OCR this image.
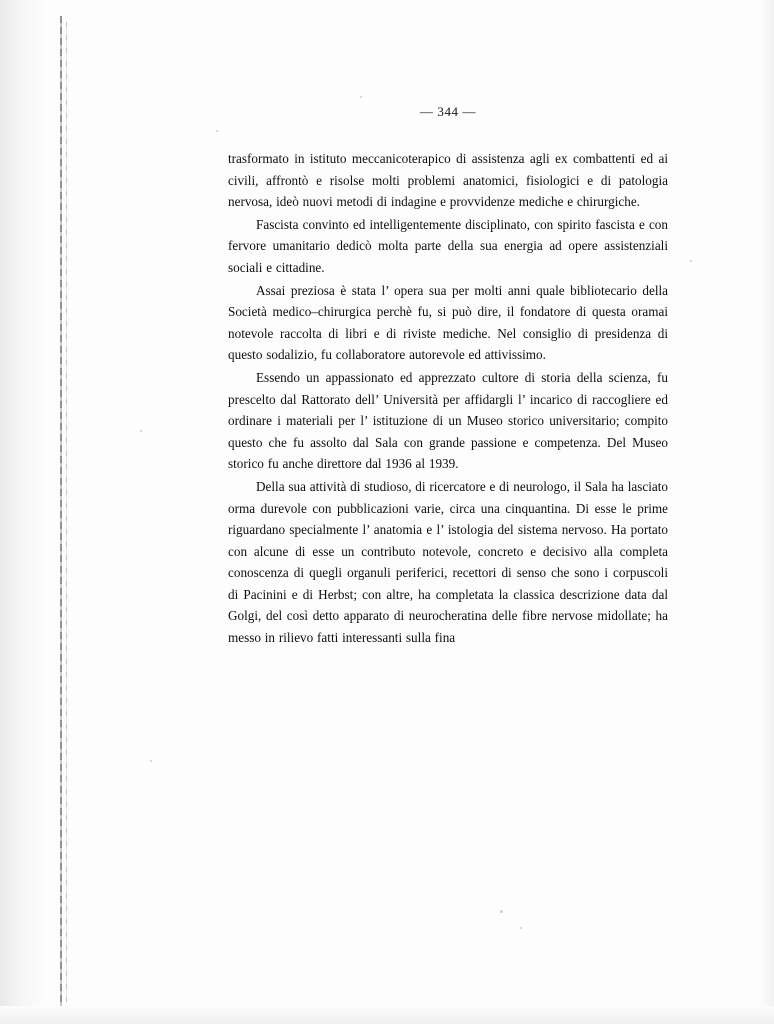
— 344 —

trasformato in istituto meccanicoterapico di assistenza agli ex combattenti ed ai civili, affrontò e risolse molti problemi anatomici, fisiologici e di patologia nervosa, ideò nuovi metodi di indagine e provvidenze mediche e chirurgiche.

Fascista convinto ed intelligentemente disciplinato, con spirito fascista e con fervore umanitario dedicò molta parte della sua energia ad opere assistenziali sociali e cittadine.

Assai preziosa è stata l’ opera sua per molti anni quale bibliotecario della Società medico–chirurgica perchè fu, si può dire, il fondatore di questa oramai notevole raccolta di libri e di riviste mediche. Nel consiglio di presidenza di questo sodalizio, fu collaboratore autorevole ed attivissimo.

Essendo un appassionato ed apprezzato cultore di storia della scienza, fu prescelto dal Rattorato dell’ Università per affidargli l’ incarico di raccogliere ed ordinare i materiali per l’ istituzione di un Museo storico universitario; compito questo che fu assolto dal Sala con grande passione e competenza. Del Museo storico fu anche direttore dal 1936 al 1939.

Della sua attività di studioso, di ricercatore e di neurologo, il Sala ha lasciato orma durevole con pubblicazioni varie, circa una cinquantina. Di esse le prime riguardano specialmente l’ anatomia e l’ istologia del sistema nervoso. Ha portato con alcune di esse un contributo notevole, concreto e decisivo alla completa conoscenza di quegli organuli periferici, recettori di senso che sono i corpuscoli di Pacinini e di Herbst; con altre, ha completata la classica descrizione data dal Golgi, del così detto apparato di neurocheratina delle fibre nervose midollate; ha messo in rilievo fatti interessanti sulla fina
